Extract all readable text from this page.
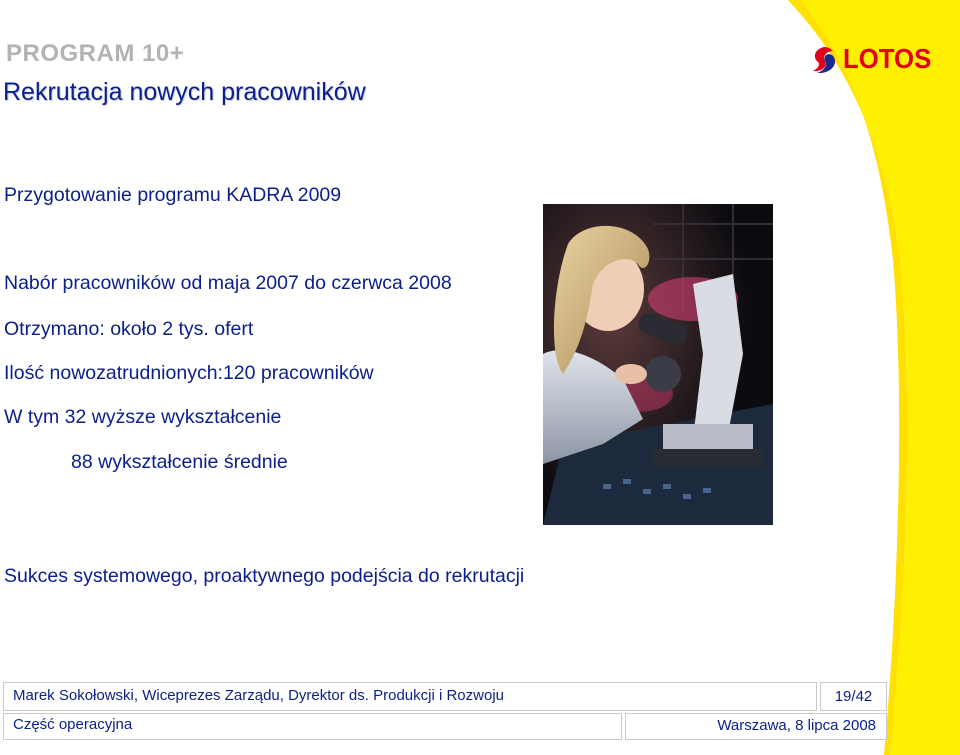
PROGRAM 10+
Rekrutacja nowych pracowników
LOTOS
Przygotowanie programu KADRA 2009
Nabór pracowników od maja 2007 do czerwca 2008
Otrzymano: około 2 tys. ofert
Ilość nowozatrudnionych:120 pracowników
W tym 32 wyższe wykształcenie
88 wykształcenie średnie
Sukces systemowego, proaktywnego podejścia do rekrutacji
Marek Sokołowski, Wiceprezes Zarządu, Dyrektor ds. Produkcji i Rozwoju
Część operacyjna
19/42
Warszawa, 8 lipca 2008
